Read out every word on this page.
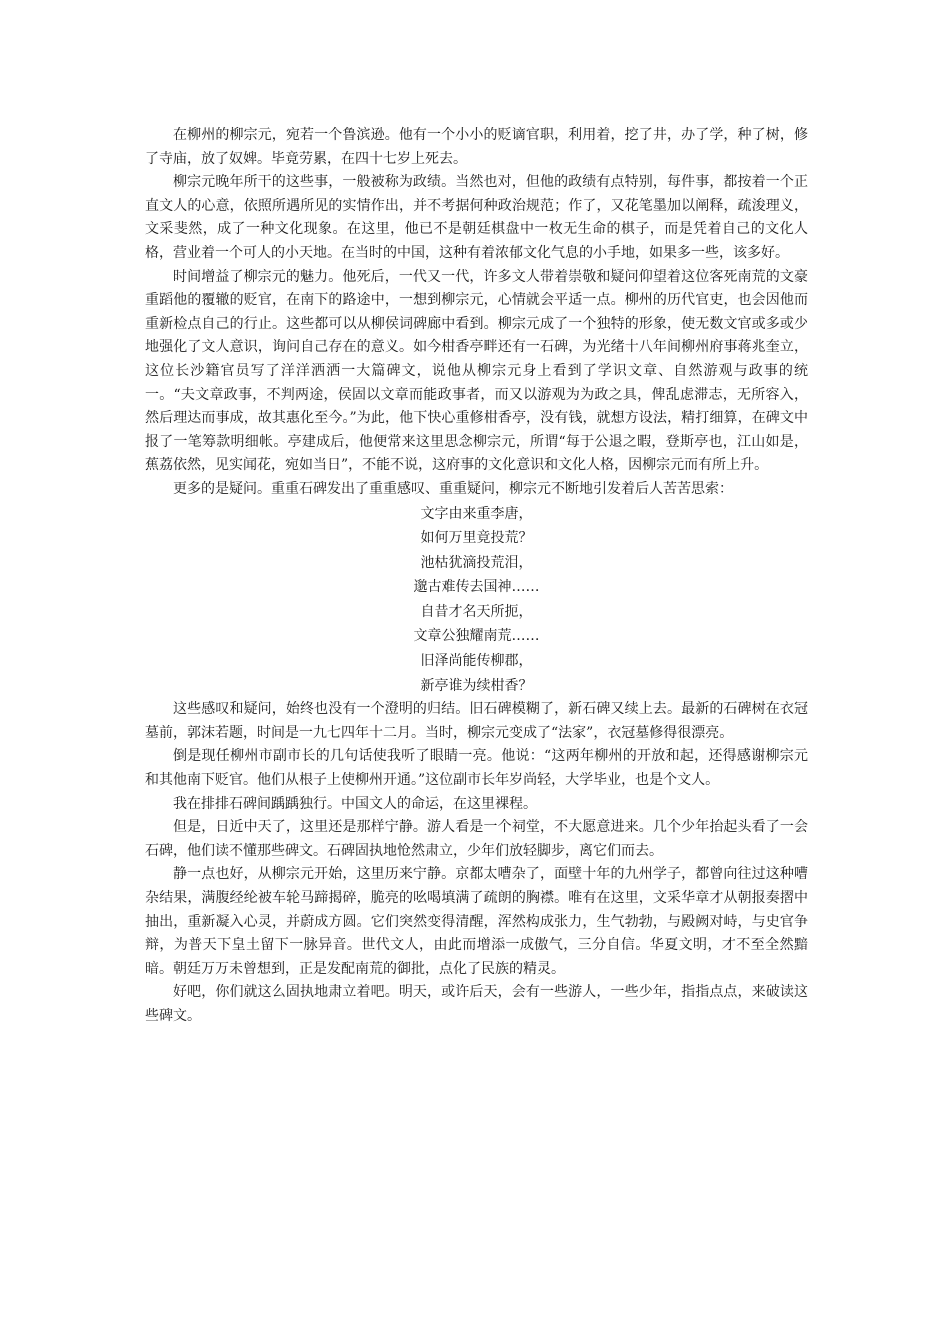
在柳州的柳宗元，宛若一个鲁滨逊。他有一个小小的贬谪官职，利用着，挖了井，办了学，种了树，修了寺庙，放了奴婢。毕竟劳累，在四十七岁上死去。

柳宗元晚年所干的这些事，一般被称为政绩。当然也对，但他的政绩有点特别，每件事，都按着一个正直文人的心意，依照所遇所见的实情作出，并不考据何种政治规范；作了，又花笔墨加以阐释，疏浚理义，文采斐然，成了一种文化现象。在这里，他已不是朝廷棋盘中一枚无生命的棋子，而是凭着自己的文化人格，营业着一个可人的小天地。在当时的中国，这种有着浓郁文化气息的小手地，如果多一些，该多好。

时间增益了柳宗元的魅力。他死后，一代又一代，许多文人带着崇敬和疑问仰望着这位客死南荒的文豪重蹈他的覆辙的贬官，在南下的路途中，一想到柳宗元，心情就会平适一点。柳州的历代官吏，也会因他而重新检点自己的行止。这些都可以从柳侯词碑廊中看到。柳宗元成了一个独特的形象，使无数文官或多或少地强化了文人意识，询问自己存在的意义。如今柑香亭畔还有一石碑，为光绪十八年间柳州府事蒋兆奎立，这位长沙籍官员写了洋洋洒洒一大篇碑文，说他从柳宗元身上看到了学识文章、自然游观与政事的统一。“夫文章政事，不判两途，侯固以文章而能政事者，而又以游观为为政之具，俾乱虑滞志，无所容入，然后理达而事成，故其惠化至今。”为此，他下快心重修柑香亭，没有钱，就想方设法，精打细算，在碑文中报了一笔筹款明细帐。亭建成后，他便常来这里思念柳宗元，所谓“每于公退之暇，登斯亭也，江山如是，蕉荔依然，见实闻花，宛如当日”，不能不说，这府事的文化意识和文化人格，因柳宗元而有所上升。

更多的是疑问。重重石碑发出了重重感叹、重重疑问，柳宗元不断地引发着后人苦苦思索：

文字由来重李唐，
如何万里竟投荒？
池枯犹滴投荒泪，
邈古难传去国神……
自昔才名天所扼，
文章公独耀南荒……
旧泽尚能传柳郡，
新亭谁为续柑香？

这些感叹和疑问，始终也没有一个澄明的归结。旧石碑模糊了，新石碑又续上去。最新的石碑树在衣冠墓前，郭沫若题，时间是一九七四年十二月。当时，柳宗元变成了“法家”，衣冠墓修得很漂亮。

倒是现任柳州市副市长的几句话使我听了眼睛一亮。他说：“这两年柳州的开放和起，还得感谢柳宗元和其他南下贬官。他们从根子上使柳州开通。”这位副市长年岁尚轻，大学毕业，也是个文人。

我在排排石碑间踽踽独行。中国文人的命运，在这里裸程。

但是，日近中天了，这里还是那样宁静。游人看是一个祠堂，不大愿意进来。几个少年抬起头看了一会石碑，他们读不懂那些碑文。石碑固执地怆然肃立，少年们放轻脚步，离它们而去。

静一点也好，从柳宗元开始，这里历来宁静。京都太嘈杂了，面壁十年的九州学子，都曾向往过这种嘈杂结果，满腹经纶被车轮马蹄揭碎，脆亮的吆喝填满了疏朗的胸襟。唯有在这里，文采华章才从朝报奏摺中抽出，重新凝入心灵，并蔚成方圆。它们突然变得清醒，浑然构成张力，生气勃勃，与殿阙对峙，与史官争辩，为普天下皇土留下一脉异音。世代文人，由此而增添一成傲气，三分自信。华夏文明，才不至全然黯暗。朝廷万万未曾想到，正是发配南荒的御批，点化了民族的精灵。

好吧，你们就这么固执地肃立着吧。明天，或许后天，会有一些游人，一些少年，指指点点，来破读这些碑文。
